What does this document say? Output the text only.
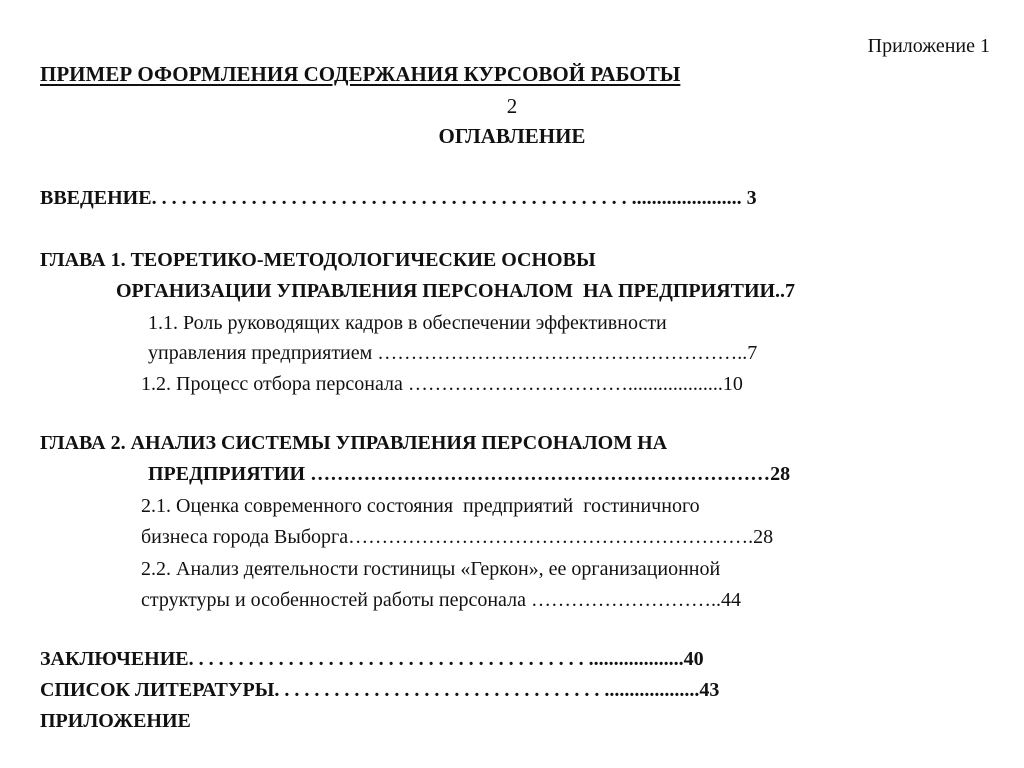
Приложение 1
ПРИМЕР ОФОРМЛЕНИЯ СОДЕРЖАНИЯ КУРСОВОЙ РАБОТЫ
2
ОГЛАВЛЕНИЕ
ВВЕДЕНИЕ. . . . . . . . . . . . . . . . . . . . . . . . . . . . . . . . . . . . . . . . . . . . . . . . ...................... 3
ГЛАВА 1. ТЕОРЕТИКО-МЕТОДОЛОГИЧЕСКИЕ ОСНОВЫ
ОРГАНИЗАЦИИ УПРАВЛЕНИЯ ПЕРСОНАЛОМ  НА ПРЕДПРИЯТИИ..7
1.1. Роль руководящих кадров в обеспечении эффективности
управления предприятием ………………………………………………..7
1.2. Процесс отбора персонала ……………………………...................10
ГЛАВА 2. АНАЛИЗ СИСТЕМЫ УПРАВЛЕНИЯ ПЕРСОНАЛОМ НА
ПРЕДПРИЯТИИ ……………………………………………………………28
2.1. Оценка современного состояния  предприятий  гостиничного
бизнеса города Выборга…………………………………………………….28
2.2. Анализ деятельности гостиницы «Геркон», ее организационной
структуры и особенностей работы персонала ………………………..44
ЗАКЛЮЧЕНИЕ. . . . . . . . . . . . . . . . . . . . . . . . . . . . . . . . . . . . . . . . ...................40
СПИСОК ЛИТЕРАТУРЫ. . . . . . . . . . . . . . . . . . . . . . . . . . . . . . . . . ...................43
ПРИЛОЖЕНИЕ
